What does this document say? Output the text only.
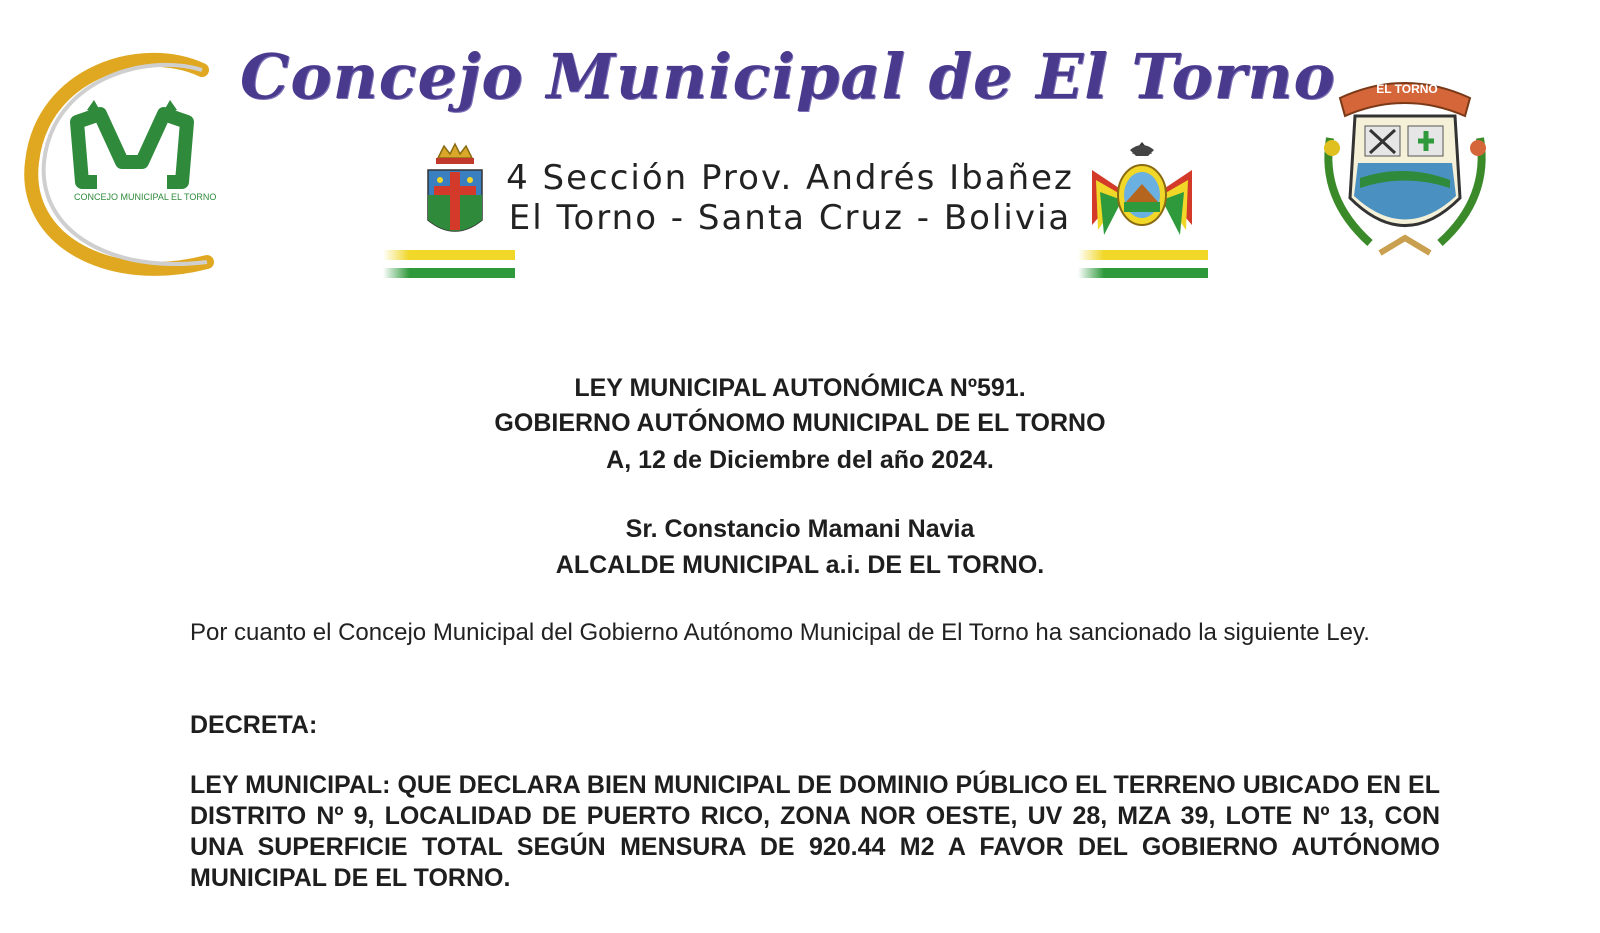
CONCEJO MUNICIPAL EL TORNO
Concejo Municipal de El Torno
4 Sección Prov. Andrés Ibañez
El Torno - Santa Cruz - Bolivia
EL TORNO
LEY MUNICIPAL AUTONÓMICA Nº591.
GOBIERNO AUTÓNOMO MUNICIPAL DE EL TORNO
A, 12 de Diciembre del año 2024.
Sr. Constancio Mamani Navia
ALCALDE MUNICIPAL a.i. DE EL TORNO.
Por cuanto el Concejo Municipal del Gobierno Autónomo Municipal de El Torno ha sancionado la siguiente Ley.
DECRETA:
LEY MUNICIPAL: QUE DECLARA BIEN MUNICIPAL DE DOMINIO PÚBLICO EL TERRENO UBICADO EN EL DISTRITO Nº 9, LOCALIDAD DE PUERTO RICO, ZONA NOR OESTE, UV 28, MZA 39, LOTE Nº 13, CON UNA SUPERFICIE TOTAL SEGÚN MENSURA DE 920.44 M2 A FAVOR DEL GOBIERNO AUTÓNOMO MUNICIPAL DE EL TORNO.
